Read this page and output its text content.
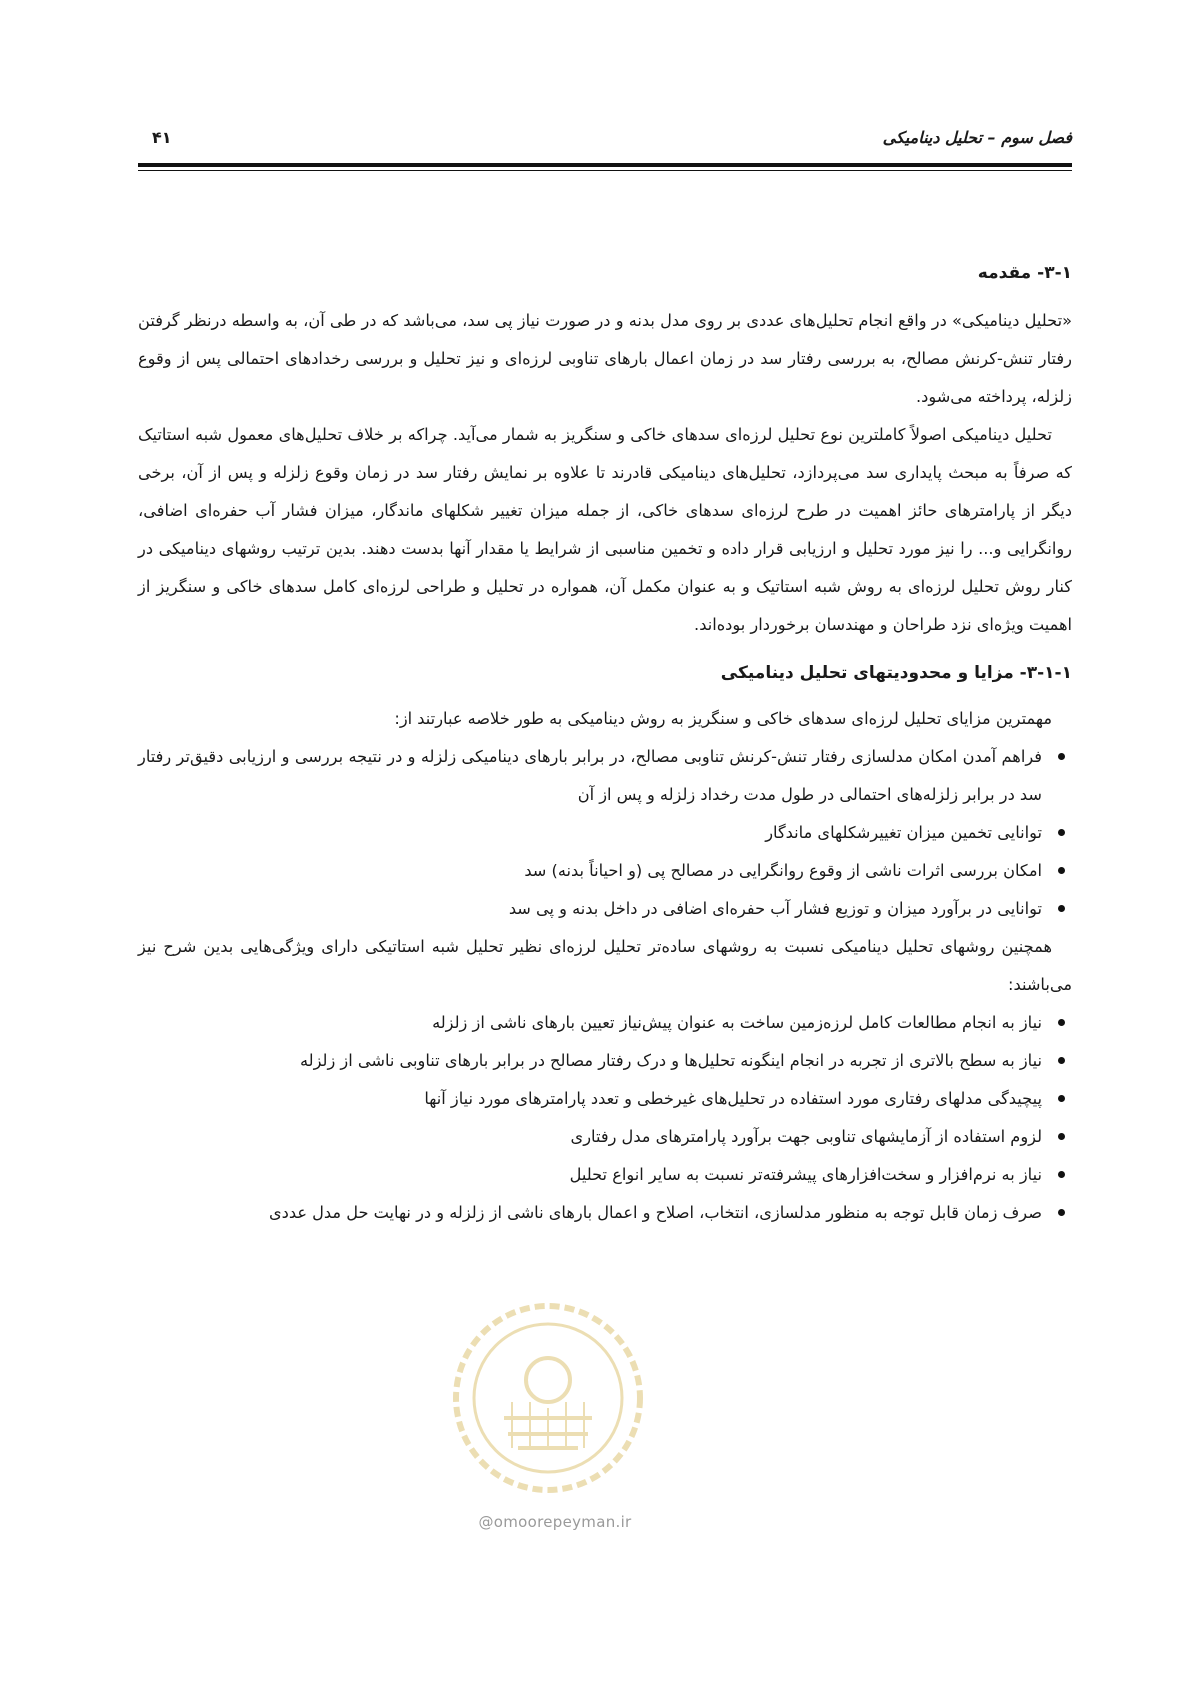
فصل سوم – تحلیل دینامیکی
۴۱
۳-۱- مقدمه

«تحلیل دینامیکی» در واقع انجام تحلیل‌های عددی بر روی مدل بدنه و در صورت نیاز پی سد، می‌باشد که در طی آن، به واسطه درنظر گرفتن رفتار تنش-کرنش مصالح، به بررسی رفتار سد در زمان اعمال بارهای تناوبی لرزه‌ای و نیز تحلیل و بررسی رخدادهای احتمالی پس از وقوع زلزله، پرداخته می‌شود.

تحلیل دینامیکی اصولاً کاملترین نوع تحلیل لرزه‌ای سدهای خاکی و سنگریز به شمار می‌آید. چراکه بر خلاف تحلیل‌های معمول شبه استاتیک که صرفاً به مبحث پایداری سد می‌پردازد، تحلیل‌های دینامیکی قادرند تا علاوه بر نمایش رفتار سد در زمان وقوع زلزله و پس از آن، برخی دیگر از پارامترهای حائز اهمیت در طرح لرزه‌ای سدهای خاکی، از جمله میزان تغییر شکلهای ماندگار، میزان فشار آب حفره‌ای اضافی، روانگرایی و... را نیز مورد تحلیل و ارزیابی قرار داده و تخمین مناسبی از شرایط یا مقدار آنها بدست دهند. بدین ترتیب روشهای دینامیکی در کنار روش تحلیل لرزه‌ای به روش شبه استاتیک و به عنوان مکمل آن، همواره در تحلیل و طراحی لرزه‌ای کامل سدهای خاکی و سنگریز از اهمیت ویژه‌ای نزد طراحان و مهندسان برخوردار بوده‌اند.

۳-۱-۱- مزایا و محدودیتهای تحلیل دینامیکی

مهمترین مزایای تحلیل لرزه‌ای سدهای خاکی و سنگریز به روش دینامیکی به طور خلاصه عبارتند از:

فراهم آمدن امکان مدلسازی رفتار تنش-کرنش تناوبی مصالح، در برابر بارهای دینامیکی زلزله و در نتیجه بررسی و ارزیابی دقیق‌تر رفتار سد در برابر زلزله‌های احتمالی در طول مدت رخداد زلزله و پس از آن
توانایی تخمین میزان تغییرشکلهای ماندگار
امکان بررسی اثرات ناشی از وقوع روانگرایی در مصالح پی (و احیاناً بدنه) سد
توانایی در برآورد میزان و توزیع فشار آب حفره‌ای اضافی در داخل بدنه و پی سد

همچنین روشهای تحلیل دینامیکی نسبت به روشهای ساده‌تر تحلیل لرزه‌ای نظیر تحلیل شبه استاتیکی دارای ویژگی‌هایی بدین شرح نیز می‌باشند:

نیاز به انجام مطالعات کامل لرزه‌زمین ساخت به عنوان پیش‌نیاز تعیین بارهای ناشی از زلزله
نیاز به سطح بالاتری از تجربه در انجام اینگونه تحلیل‌ها و درک رفتار مصالح در برابر بارهای تناوبی ناشی از زلزله
پیچیدگی مدلهای رفتاری مورد استفاده در تحلیل‌های غیرخطی و تعدد پارامترهای مورد نیاز آنها
لزوم استفاده از آزمایشهای تناوبی جهت برآورد پارامترهای مدل رفتاری
نیاز به نرم‌افزار و سخت‌افزارهای پیشرفته‌تر نسبت به سایر انواع تحلیل
صرف زمان قابل توجه به منظور مدلسازی، انتخاب، اصلاح و اعمال بارهای ناشی از زلزله و در نهایت حل مدل عددی
@omoorepeyman.ir
